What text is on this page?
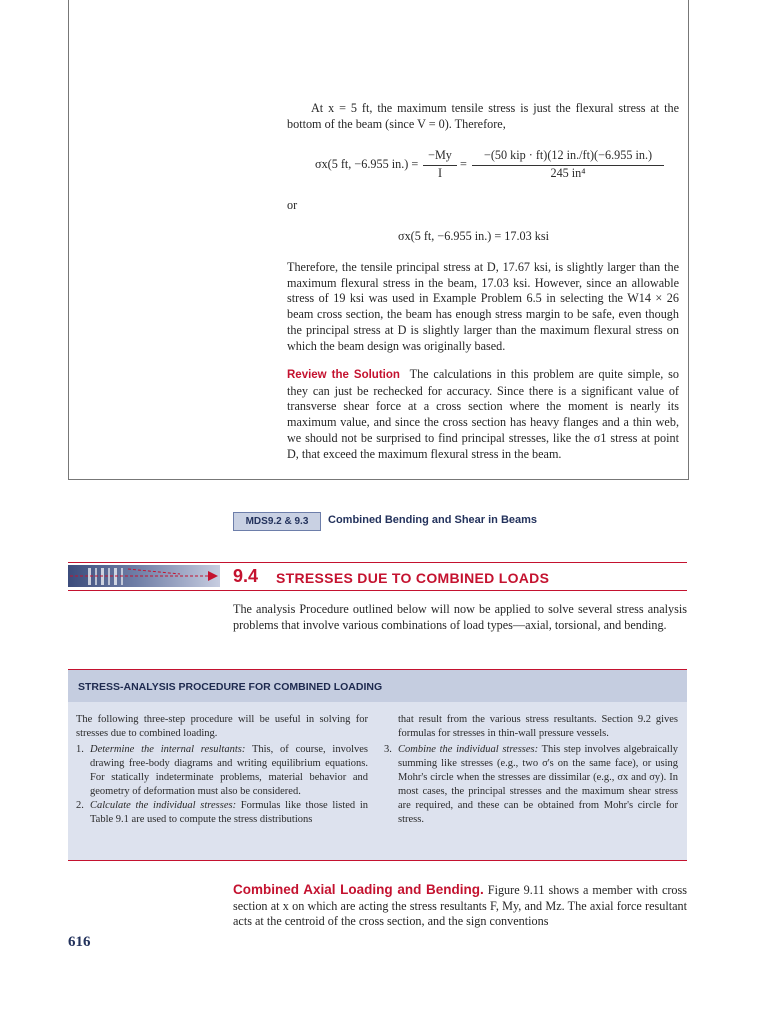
At x = 5 ft, the maximum tensile stress is just the flexural stress at the bottom of the beam (since V = 0). Therefore,
σx(5 ft, −6.955 in.) =
−My
I
=
−(50 kip · ft)(12 in./ft)(−6.955 in.)
245 in⁴
or
σx(5 ft, −6.955 in.) = 17.03 ksi
Therefore, the tensile principal stress at D, 17.67 ksi, is slightly larger than the maximum flexural stress in the beam, 17.03 ksi. However, since an allowable stress of 19 ksi was used in Example Problem 6.5 in selecting the W14 × 26 beam cross section, the beam has enough stress margin to be safe, even though the principal stress at D is slightly larger than the maximum flexural stress on which the beam design was originally based.
Review the Solution The calculations in this problem are quite simple, so they can just be rechecked for accuracy. Since there is a significant value of transverse shear force at a cross section where the moment is nearly its maximum value, and since the cross section has heavy flanges and a thin web, we should not be surprised to find principal stresses, like the σ1 stress at point D, that exceed the maximum flexural stress in the beam.
MDS9.2 & 9.3	Combined Bending and Shear in Beams
9.4 STRESSES DUE TO COMBINED LOADS
The analysis Procedure outlined below will now be applied to solve several stress analysis problems that involve various combinations of load types—axial, torsional, and bending.
STRESS-ANALYSIS PROCEDURE FOR COMBINED LOADING
The following three-step procedure will be useful in solving for stresses due to combined loading.
1. Determine the internal resultants: This, of course, involves drawing free-body diagrams and writing equilibrium equations. For statically indeterminate problems, material behavior and geometry of deformation must also be considered.
2. Calculate the individual stresses: Formulas like those listed in Table 9.1 are used to compute the stress distributions
that result from the various stress resultants. Section 9.2 gives formulas for stresses in thin-wall pressure vessels.
3. Combine the individual stresses: This step involves algebraically summing like stresses (e.g., two σ's on the same face), or using Mohr's circle when the stresses are dissimilar (e.g., σx and σy). In most cases, the principal stresses and the maximum shear stress are required, and these can be obtained from Mohr's circle for stress.
Combined Axial Loading and Bending. Figure 9.11 shows a member with cross section at x on which are acting the stress resultants F, My, and Mz. The axial force resultant acts at the centroid of the cross section, and the sign conventions
616
